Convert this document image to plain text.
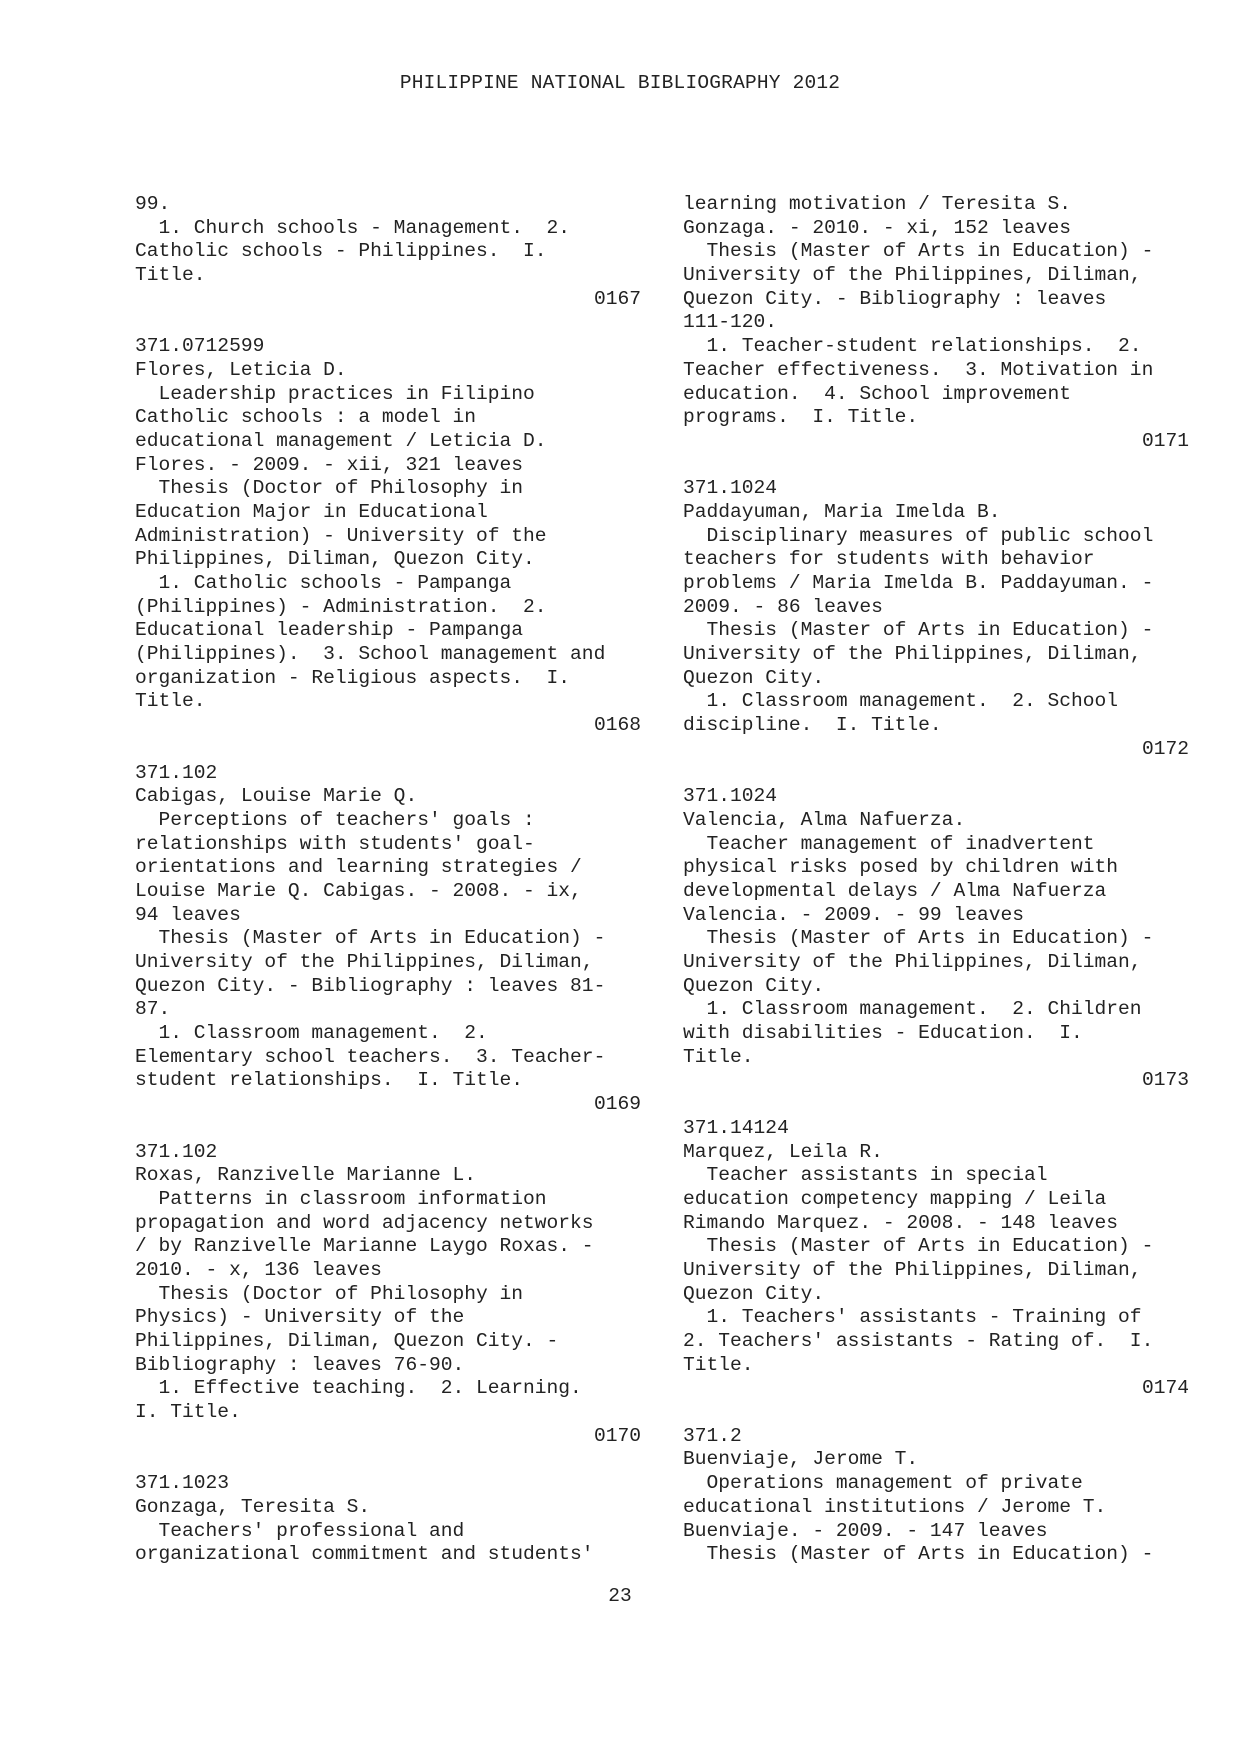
PHILIPPINE NATIONAL BIBLIOGRAPHY 2012
99.
1. Church schools - Management.  2.
Catholic schools - Philippines.  I.
Title.
0167
371.0712599
Flores, Leticia D.
Leadership practices in Filipino
Catholic schools : a model in
educational management / Leticia D.
Flores. - 2009. - xii, 321 leaves
Thesis (Doctor of Philosophy in
Education Major in Educational
Administration) - University of the
Philippines, Diliman, Quezon City.
1. Catholic schools - Pampanga
(Philippines) - Administration.  2.
Educational leadership - Pampanga
(Philippines).  3. School management and
organization - Religious aspects.  I.
Title.
0168
371.102
Cabigas, Louise Marie Q.
Perceptions of teachers' goals :
relationships with students' goal-
orientations and learning strategies /
Louise Marie Q. Cabigas. - 2008. - ix,
94 leaves
Thesis (Master of Arts in Education) -
University of the Philippines, Diliman,
Quezon City. - Bibliography : leaves 81-
87.
1. Classroom management.  2.
Elementary school teachers.  3. Teacher-
student relationships.  I. Title.
0169
371.102
Roxas, Ranzivelle Marianne L.
Patterns in classroom information
propagation and word adjacency networks
/ by Ranzivelle Marianne Laygo Roxas. -
2010. - x, 136 leaves
Thesis (Doctor of Philosophy in
Physics) - University of the
Philippines, Diliman, Quezon City. -
Bibliography : leaves 76-90.
1. Effective teaching.  2. Learning.
I. Title.
0170
371.1023
Gonzaga, Teresita S.
Teachers' professional and
organizational commitment and students'
learning motivation / Teresita S.
Gonzaga. - 2010. - xi, 152 leaves
Thesis (Master of Arts in Education) -
University of the Philippines, Diliman,
Quezon City. - Bibliography : leaves
111-120.
1. Teacher-student relationships.  2.
Teacher effectiveness.  3. Motivation in
education.  4. School improvement
programs.  I. Title.
0171
371.1024
Paddayuman, Maria Imelda B.
Disciplinary measures of public school
teachers for students with behavior
problems / Maria Imelda B. Paddayuman. -
2009. - 86 leaves
Thesis (Master of Arts in Education) -
University of the Philippines, Diliman,
Quezon City.
1. Classroom management.  2. School
discipline.  I. Title.
0172
371.1024
Valencia, Alma Nafuerza.
Teacher management of inadvertent
physical risks posed by children with
developmental delays / Alma Nafuerza
Valencia. - 2009. - 99 leaves
Thesis (Master of Arts in Education) -
University of the Philippines, Diliman,
Quezon City.
1. Classroom management.  2. Children
with disabilities - Education.  I.
Title.
0173
371.14124
Marquez, Leila R.
Teacher assistants in special
education competency mapping / Leila
Rimando Marquez. - 2008. - 148 leaves
Thesis (Master of Arts in Education) -
University of the Philippines, Diliman,
Quezon City.
1. Teachers' assistants - Training of
2. Teachers' assistants - Rating of.  I.
Title.
0174
371.2
Buenviaje, Jerome T.
Operations management of private
educational institutions / Jerome T.
Buenviaje. - 2009. - 147 leaves
Thesis (Master of Arts in Education) -
23
